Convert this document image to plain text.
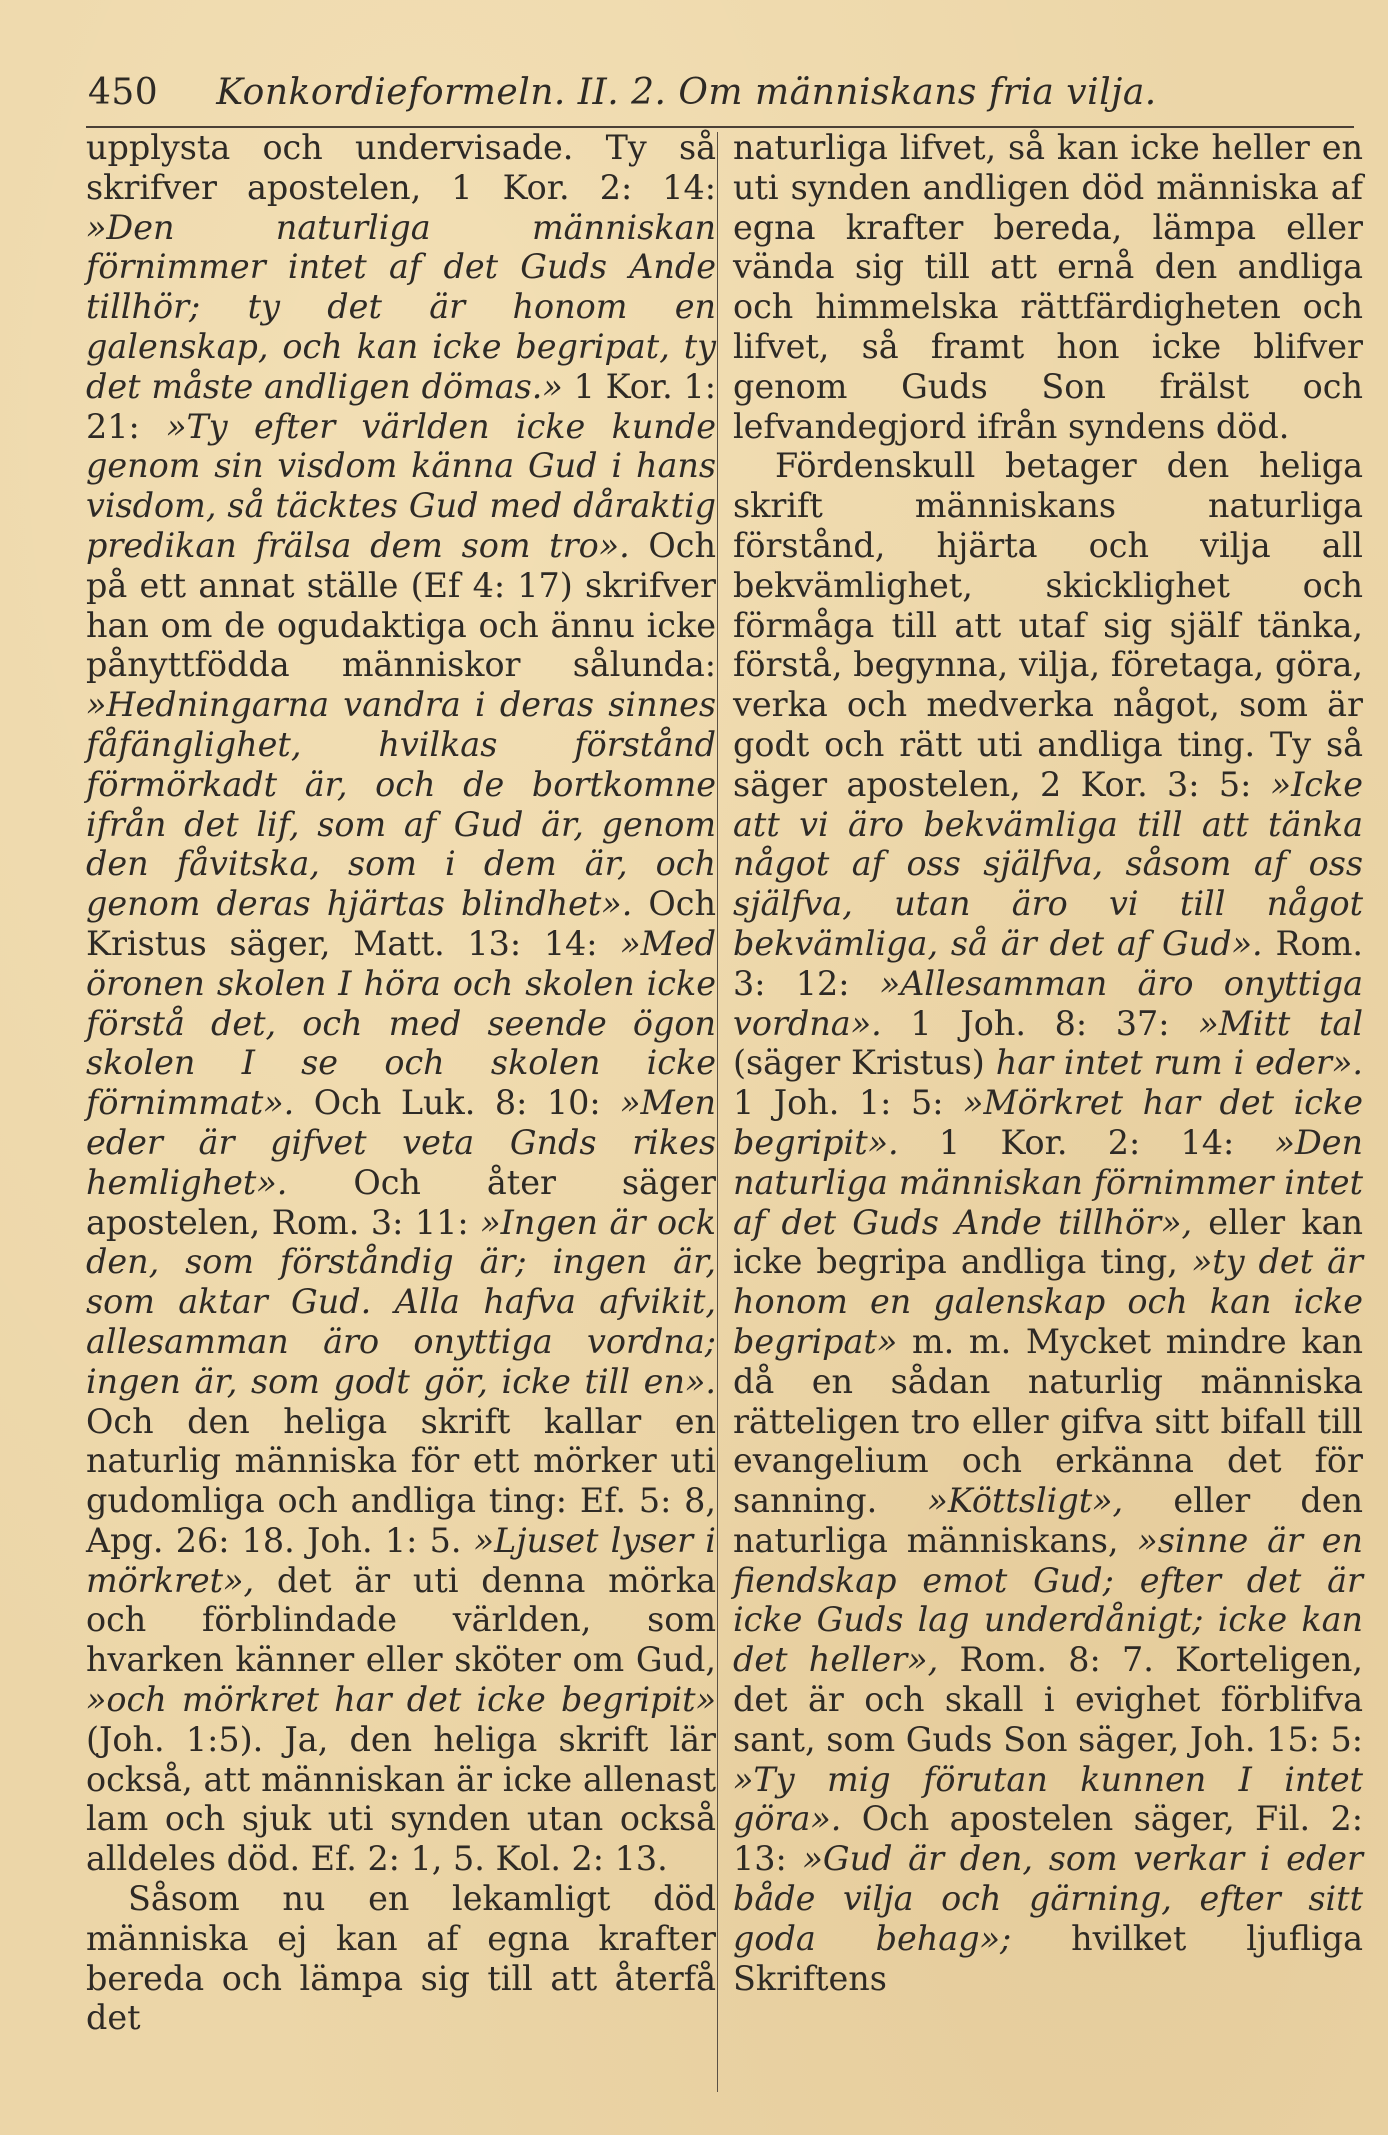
450 Konkordieformeln. II. 2. Om människans fria vilja.

upplysta och undervisade. Ty så skrifver apostelen, 1 Kor. 2: 14: »Den naturliga människan förnimmer intet af det Guds Ande tillhör; ty det är honom en galenskap, och kan icke begripat, ty det måste andligen dömas.» 1 Kor. 1: 21: »Ty efter världen icke kunde genom sin visdom känna Gud i hans visdom, så täcktes Gud med dåraktig predikan frälsa dem som tro». Och på ett annat ställe (Ef 4: 17) skrifver han om de ogudaktiga och ännu icke pånyttfödda människor sålunda: »Hedningarna vandra i deras sinnes fåfänglighet, hvilkas förstånd förmörkadt är, och de bortkomne ifrån det lif, som af Gud är, genom den fåvitska, som i dem är, och genom deras hjärtas blindhet». Och Kristus säger, Matt. 13: 14: »Med öronen skolen I höra och skolen icke förstå det, och med seende ögon skolen I se och skolen icke förnimmat». Och Luk. 8: 10: »Men eder är gifvet veta Gnds rikes hemlighet». Och åter säger apostelen, Rom. 3: 11: »Ingen är ock den, som förståndig är; ingen är, som aktar Gud. Alla hafva afvikit, allesamman äro onyttiga vordna; ingen är, som godt gör, icke till en». Och den heliga skrift kallar en naturlig människa för ett mörker uti gudomliga och andliga ting: Ef. 5: 8, Apg. 26: 18. Joh. 1: 5. »Ljuset lyser i mörkret», det är uti denna mörka och förblindade världen, som hvarken känner eller sköter om Gud, »och mörkret har det icke begripit» (Joh. 1:5). Ja, den heliga skrift lär också, att människan är icke allenast lam och sjuk uti synden utan också alldeles död. Ef. 2: 1, 5. Kol. 2: 13.

Såsom nu en lekamligt död människa ej kan af egna krafter bereda och lämpa sig till att återfå det

naturliga lifvet, så kan icke heller en uti synden andligen död människa af egna krafter bereda, lämpa eller vända sig till att ernå den andliga och himmelska rättfärdigheten och lifvet, så framt hon icke blifver genom Guds Son frälst och lefvandegjord ifrån syndens död.

Fördenskull betager den heliga skrift människans naturliga förstånd, hjärta och vilja all bekvämlighet, skicklighet och förmåga till att utaf sig själf tänka, förstå, begynna, vilja, företaga, göra, verka och medverka något, som är godt och rätt uti andliga ting. Ty så säger apostelen, 2 Kor. 3: 5: »Icke att vi äro bekvämliga till att tänka något af oss själfva, såsom af oss själfva, utan äro vi till något bekvämliga, så är det af Gud». Rom. 3: 12: »Allesamman äro onyttiga vordna». 1 Joh. 8: 37: »Mitt tal (säger Kristus) har intet rum i eder». 1 Joh. 1: 5: »Mörkret har det icke begripit». 1 Kor. 2: 14: »Den naturliga människan förnimmer intet af det Guds Ande tillhör», eller kan icke begripa andliga ting, »ty det är honom en galenskap och kan icke begripat» m. m. Mycket mindre kan då en sådan naturlig människa rätteligen tro eller gifva sitt bifall till evangelium och erkänna det för sanning. »Köttsligt», eller den naturliga människans, »sinne är en fiendskap emot Gud; efter det är icke Guds lag underdånigt; icke kan det heller», Rom. 8: 7. Korteligen, det är och skall i evighet förblifva sant, som Guds Son säger, Joh. 15: 5: »Ty mig förutan kunnen I intet göra». Och apostelen säger, Fil. 2: 13: »Gud är den, som verkar i eder både vilja och gärning, efter sitt goda behag»; hvilket ljufliga Skriftens
